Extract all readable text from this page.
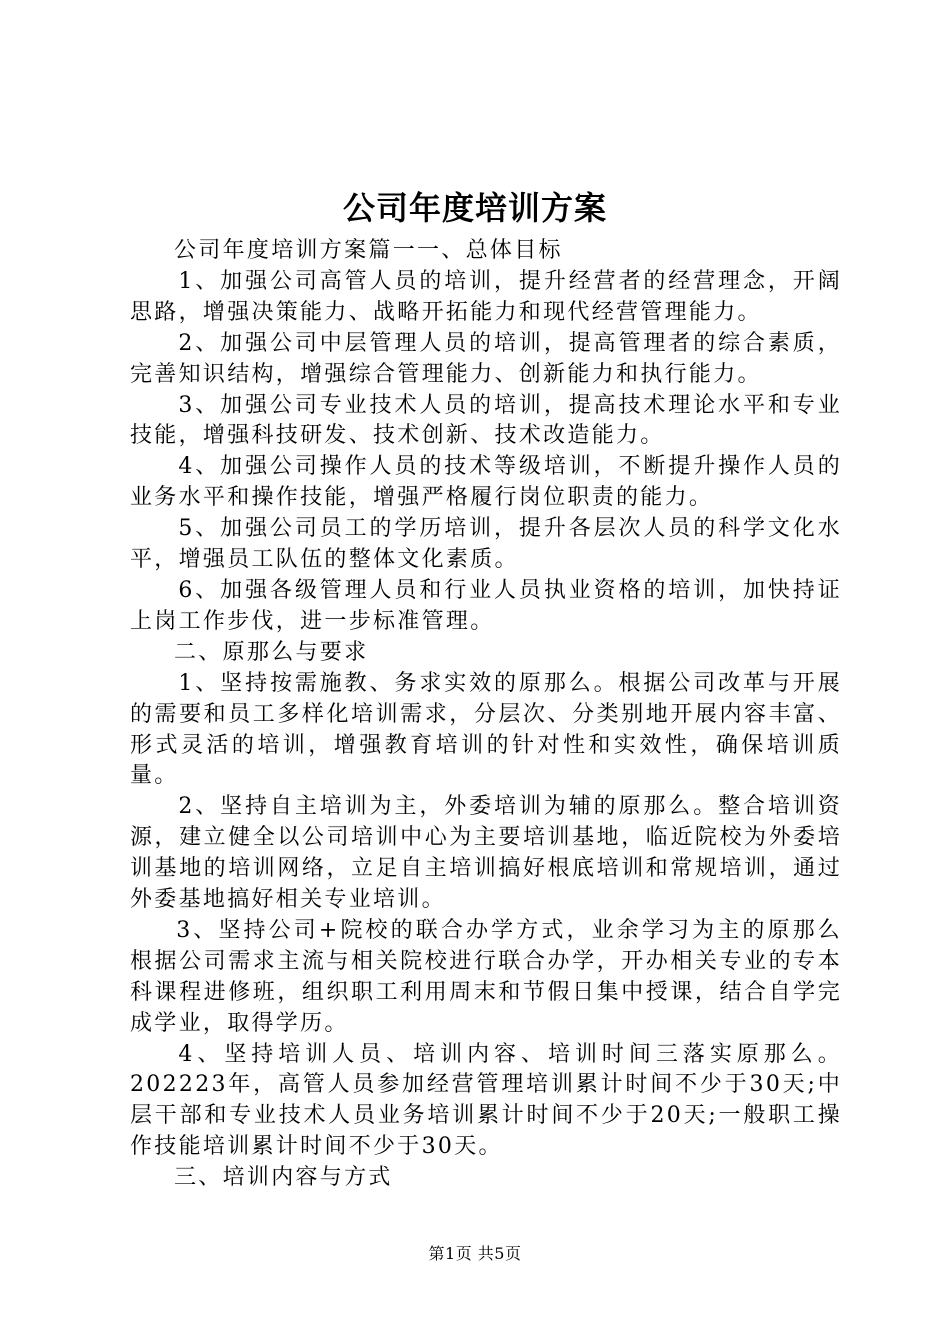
公司年度培训方案

公司年度培训方案篇一一、总体目标

1、加强公司高管人员的培训，提升经营者的经营理念，开阔思路，增强决策能力、战略开拓能力和现代经营管理能力。

2、加强公司中层管理人员的培训，提高管理者的综合素质，完善知识结构，增强综合管理能力、创新能力和执行能力。

3、加强公司专业技术人员的培训，提高技术理论水平和专业技能，增强科技研发、技术创新、技术改造能力。

4、加强公司操作人员的技术等级培训，不断提升操作人员的业务水平和操作技能，增强严格履行岗位职责的能力。

5、加强公司员工的学历培训，提升各层次人员的科学文化水平，增强员工队伍的整体文化素质。

6、加强各级管理人员和行业人员执业资格的培训，加快持证上岗工作步伐，进一步标准管理。

二、原那么与要求

1、坚持按需施教、务求实效的原那么。根据公司改革与开展的需要和员工多样化培训需求，分层次、分类别地开展内容丰富、形式灵活的培训，增强教育培训的针对性和实效性，确保培训质量。

2、坚持自主培训为主，外委培训为辅的原那么。整合培训资源，建立健全以公司培训中心为主要培训基地，临近院校为外委培训基地的培训网络，立足自主培训搞好根底培训和常规培训，通过外委基地搞好相关专业培训。

3、坚持公司+院校的联合办学方式，业余学习为主的原那么根据公司需求主流与相关院校进行联合办学，开办相关专业的专本科课程进修班，组织职工利用周末和节假日集中授课，结合自学完成学业，取得学历。

4、坚持培训人员、培训内容、培训时间三落实原那么。202223年，高管人员参加经营管理培训累计时间不少于30天;中层干部和专业技术人员业务培训累计时间不少于20天;一般职工操作技能培训累计时间不少于30天。

三、培训内容与方式

第1页 共5页
